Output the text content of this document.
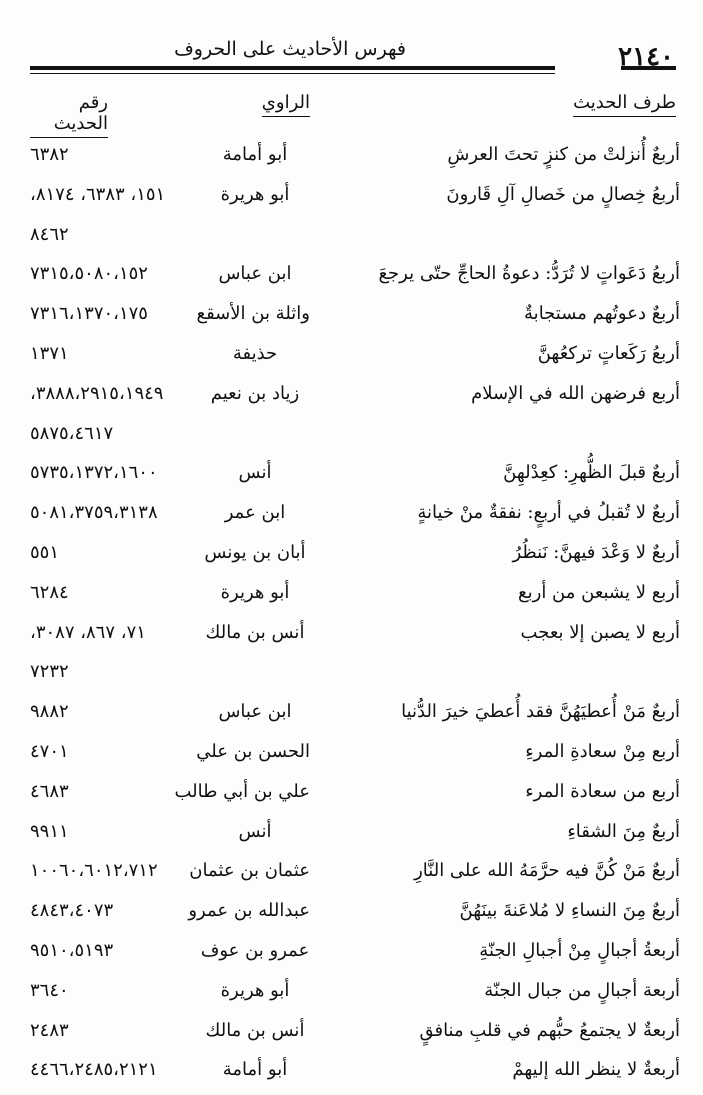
٢١٤٠
فهرس الأحاديث على الحروف
طرف الحديث
الراوي
رقم الحديث
أربعٌ أُنزلتْ من كنزٍ تحتَ العرشِ
أبو أمامة
٦٣٨٢
أربعُ خِصالٍ من خَصالِ آلِ قَارونَ
أبو هريرة
١٥١، ٦٣٨٣، ٨١٧٤،
٨٤٦٢
أربعُ دَعَواتٍ لا تُرَدُّ: دعوةُ الحاجِّ حتّى يرجعَ
ابن عباس
٧٣١٥،٥٠٨٠،١٥٢
أربعٌ دعوتُهم مستجابةٌ
واثلة بن الأسقع
٧٣١٦،١٣٧٠،١٧٥
أربعُ رَكَعاتٍ تركعُهنَّ
حذيفة
١٣٧١
أربع فرضهن الله في الإسلام
زياد بن نعيم
٣٨٨٨،٢٩١٥،١٩٤٩،
٥٨٧٥،٤٦١٧
أربعٌ قبلَ الظُّهرِ: كعِدْلهِنَّ
أنس
٥٧٣٥،١٣٧٢،١٦٠٠
أربعٌ لا تُقبلُ في أربعٍ: نفقةٌ منْ خيانةٍ
ابن عمر
٥٠٨١،٣٧٥٩،٣١٣٨
أربعٌ لا وَعْدَ فيهنَّ: نَنظُرُ
أبان بن يونس
٥٥١
أربع لا يشبعن من أربع
أبو هريرة
٦٢٨٤
أربع لا يصبن إلا بعجب
أنس بن مالك
٧١، ٨٦٧، ٣٠٨٧،
٧٢٣٢
أربعٌ مَنْ أُعطيَهُنَّ فقد أُعطيَ خيرَ الدُّنيا
ابن عباس
٩٨٨٢
أربع مِنْ سعادةِ المرءِ
الحسن بن علي
٤٧٠١
أربع من سعادة المرء
علي بن أبي طالب
٤٦٨٣
أربعٌ مِنَ الشقاءِ
أنس
٩٩١١
أربعٌ مَنْ كُنَّ فيه حرَّمَهُ الله على النَّارِ
عثمان بن عثمان
١٠٠٦٠،٦٠١٢،٧١٢
أربعٌ مِنَ النساءِ لا مُلاعَنةَ بينَهُنَّ
عبدالله بن عمرو
٤٨٤٣،٤٠٧٣
أربعةُ أجبالٍ مِنْ أجبالِ الجنّةِ
عمرو بن عوف
٩٥١٠،٥١٩٣
أربعة أجبالٍ من جبال الجنّة
أبو هريرة
٣٦٤٠
أربعةٌ لا يجتمعُ حبُّهم في قلبِ منافقٍ
أنس بن مالك
٢٤٨٣
أربعةٌ لا ينظر الله إليهمْ
أبو أمامة
٤٤٦٦،٢٤٨٥،٢١٢١
